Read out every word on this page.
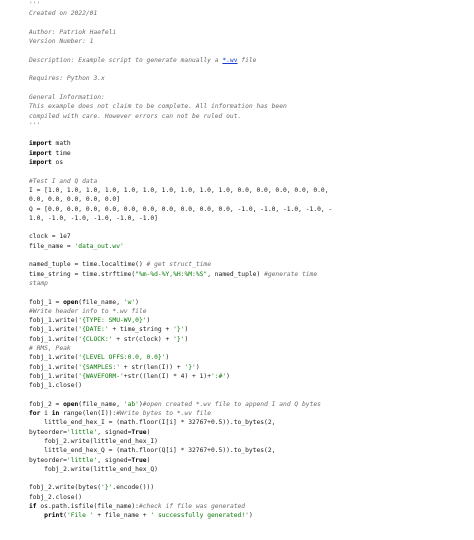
'''
Created on 2022/01

Author: Patriok Haefeli
Version Number: 1

Description: Example script to generate manually a *.wv file

Requires: Python 3.x

General Information:
This example does not claim to be complete. All information has been
compiled with care. However errors can not be ruled out.
'''

import math
import time
import os

#Test I and Q data
I = [1.0, 1.0, 1.0, 1.0, 1.0, 1.0, 1.0, 1.0, 1.0, 1.0, 0.0, 0.0, 0.0, 0.0, 0.0,
0.0, 0.0, 0.0, 0.0, 0.0]
Q = [0.0, 0.0, 0.0, 0.0, 0.0, 0.0, 0.0, 0.0, 0.0, 0.0, -1.0, -1.0, -1.0, -1.0, -
1.0, -1.0, -1.0, -1.0, -1.0, -1.0]

clock = 1e7
file_name = 'data_out.wv'

named_tuple = time.localtime() # get struct_time
time_string = time.strftime("%m-%d-%Y,%H:%M:%S", named_tuple) #generate time
stamp

fobj_1 = open(file_name, 'w')
#Write header info to *.wv file
fobj_1.write('{TYPE: SMU-WV,0}')
fobj_1.write('{DATE:' + time_string + '}')
fobj_1.write('{CLOCK:' + str(clock) + '}')
# RMS, Peak
fobj_1.write('{LEVEL OFFS:0.0, 0.0}')
fobj_1.write('{SAMPLES:' + str(len(I)) + '}')
fobj_1.write('{WAVEFORM-'+str((len(I) * 4) + 1)+':#')
fobj_1.close()

fobj_2 = open(file_name, 'ab')#open created *.wv file to append I and Q bytes
for i in range(len(I)):#Write bytes to *.wv file
little_end_hex_I = (math.floor(I[i] * 32767+0.5)).to_bytes(2,
byteorder='little', signed=True)
fobj_2.write(little_end_hex_I)
little_end_hex_Q = (math.floor(Q[i] * 32767+0.5)).to_bytes(2,
byteorder='little', signed=True)
fobj_2.write(little_end_hex_Q)

fobj_2.write(bytes('}'.encode()))
fobj_2.close()
if os.path.isfile(file_name):#check if file was generated
print('File ' + file_name + ' successfully generated!')
